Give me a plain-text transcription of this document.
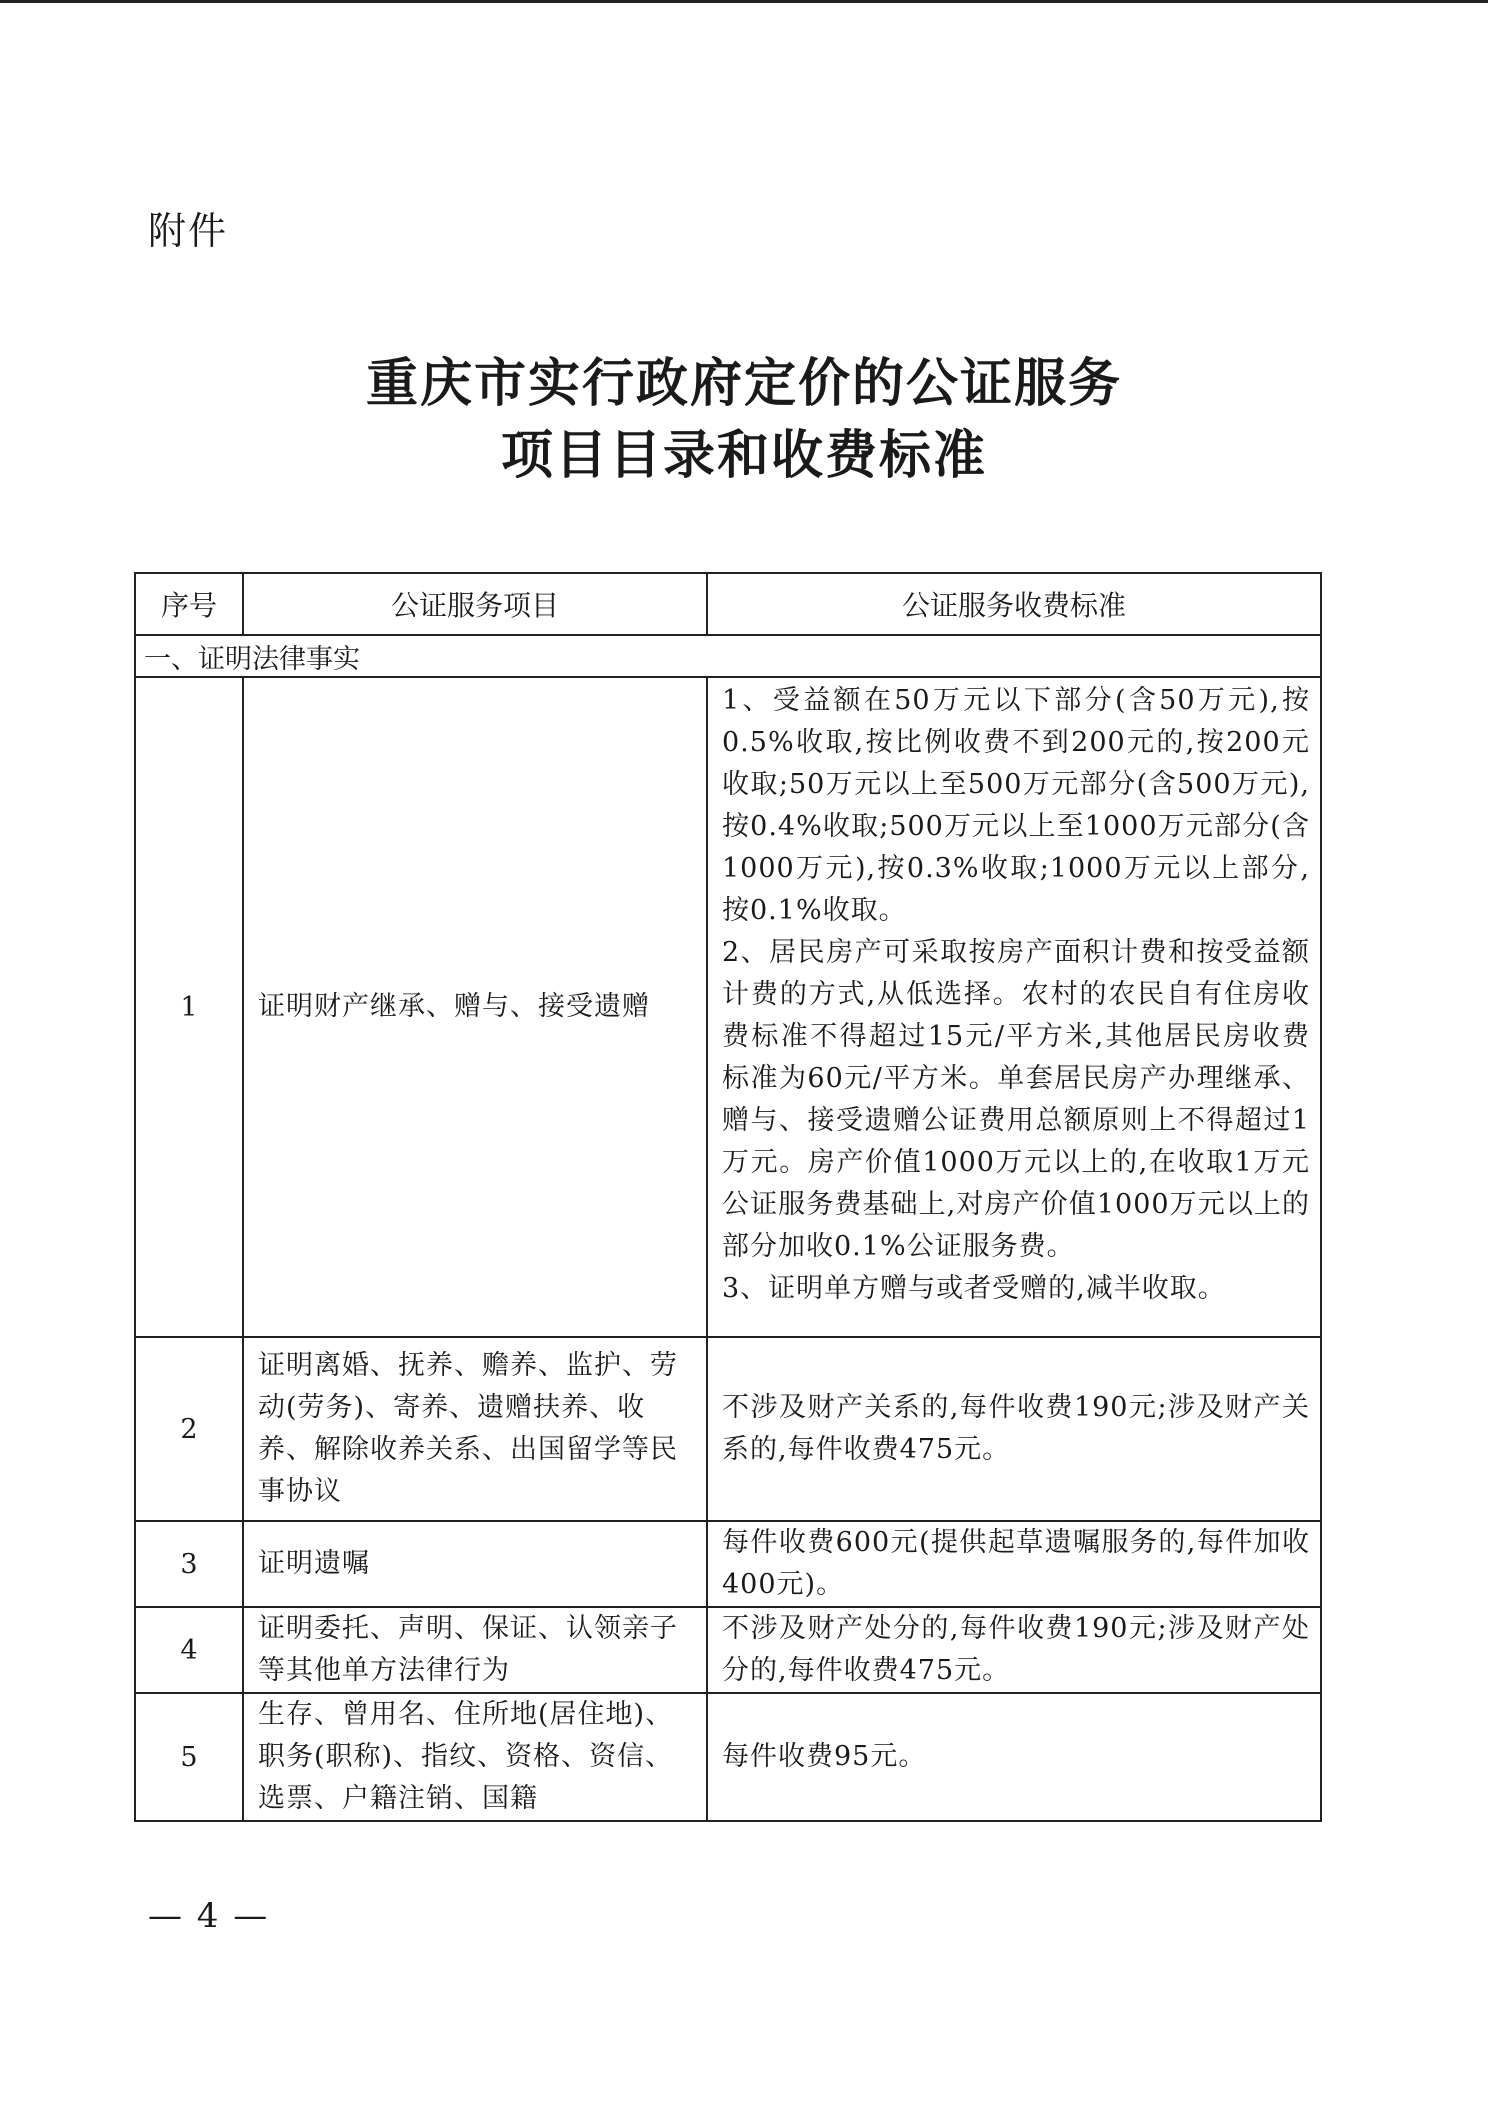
附件
重庆市实行政府定价的公证服务
项目目录和收费标准
序号	公证服务项目	公证服务收费标准
一、证明法律事实		
1	证明财产继承、赠与、接受遗赠	1、受益额在50万元以下部分(含50万元),按0.5%收取,按比例收费不到200元的,按200元收取;50万元以上至500万元部分(含500万元),按0.4%收取;500万元以上至1000万元部分(含1000万元),按0.3%收取;1000万元以上部分,按0.1%收取。
2、居民房产可采取按房产面积计费和按受益额计费的方式,从低选择。农村的农民自有住房收费标准不得超过15元/平方米,其他居民房收费标准为60元/平方米。单套居民房产办理继承、赠与、接受遗赠公证费用总额原则上不得超过1万元。房产价值1000万元以上的,在收取1万元公证服务费基础上,对房产价值1000万元以上的部分加收0.1%公证服务费。
3、证明单方赠与或者受赠的,减半收取。

2	证明离婚、抚养、赡养、监护、劳动(劳务)、寄养、遗赠扶养、收养、解除收养关系、出国留学等民事协议	不涉及财产关系的,每件收费190元;涉及财产关系的,每件收费475元。
3	证明遗嘱	每件收费600元(提供起草遗嘱服务的,每件加收400元)。
4	证明委托、声明、保证、认领亲子等其他单方法律行为	不涉及财产处分的,每件收费190元;涉及财产处分的,每件收费475元。
5	生存、曾用名、住所地(居住地)、职务(职称)、指纹、资格、资信、选票、户籍注销、国籍	每件收费95元。
— 4 —
